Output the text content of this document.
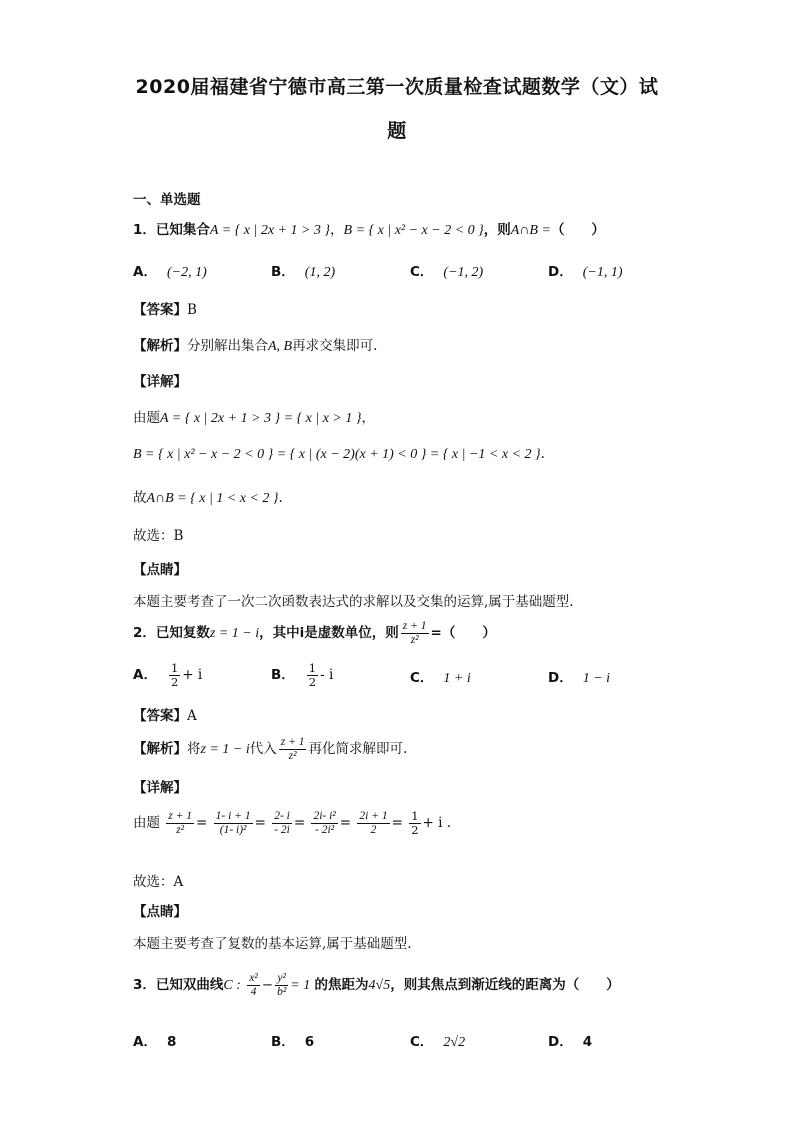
2020届福建省宁德市高三第一次质量检查试题数学（文）试
题
一、单选题
1．已知集合A = { x | 2x + 1 > 3 }，B = { x | x² − x − 2 < 0 }，则A∩B =（　　）
A． (−2, 1)	B． (1, 2)	C． (−1, 2)	D． (−1, 1)
【答案】B
【解析】分别解出集合A, B再求交集即可.
【详解】
由题A = { x | 2x + 1 > 3 } = { x | x > 1 }，
B = { x | x² − x − 2 < 0 } = { x | (x − 2)(x + 1) < 0 } = { x | −1 < x < 2 }.
故A∩B = { x | 1 < x < 2 }.
故选：B
【点睛】
本题主要考查了一次二次函数表达式的求解以及交集的运算,属于基础题型.
2．已知复数z = 1 − i，其中i是虚数单位，则 $\frac{z + 1}{\text{z²}}$ =（　　）
A． $\frac{1}{2} + i$	B． $\frac{1}{2}$ - i	C． 1 + i	D． 1 − i
【答案】A
【解析】将z = 1 − i代入 $\frac{z + 1}{\text{z²}}$ 再化简求解即可.
【详解】
由题 $\frac{z + 1}{\text{z²}} = \frac{1- i + 1}{\text{(1- i)²}} = \frac{2- i}{- 2i} = \frac{\text{2i- i²}}{\text{- 2i²}} = \frac{2i + 1}{2} = \frac{1}{2} + i$ .
故选：A
【点睛】
本题主要考查了复数的基本运算,属于基础题型.
3．已知双曲线C : $\frac{\text{x²}}{4} - \frac{\text{y²}}{\text{b²}} = 1$ 的焦距为4√5，则其焦点到渐近线的距离为（　　）
A． 8	B． 6	C． 2√2	D． 4
